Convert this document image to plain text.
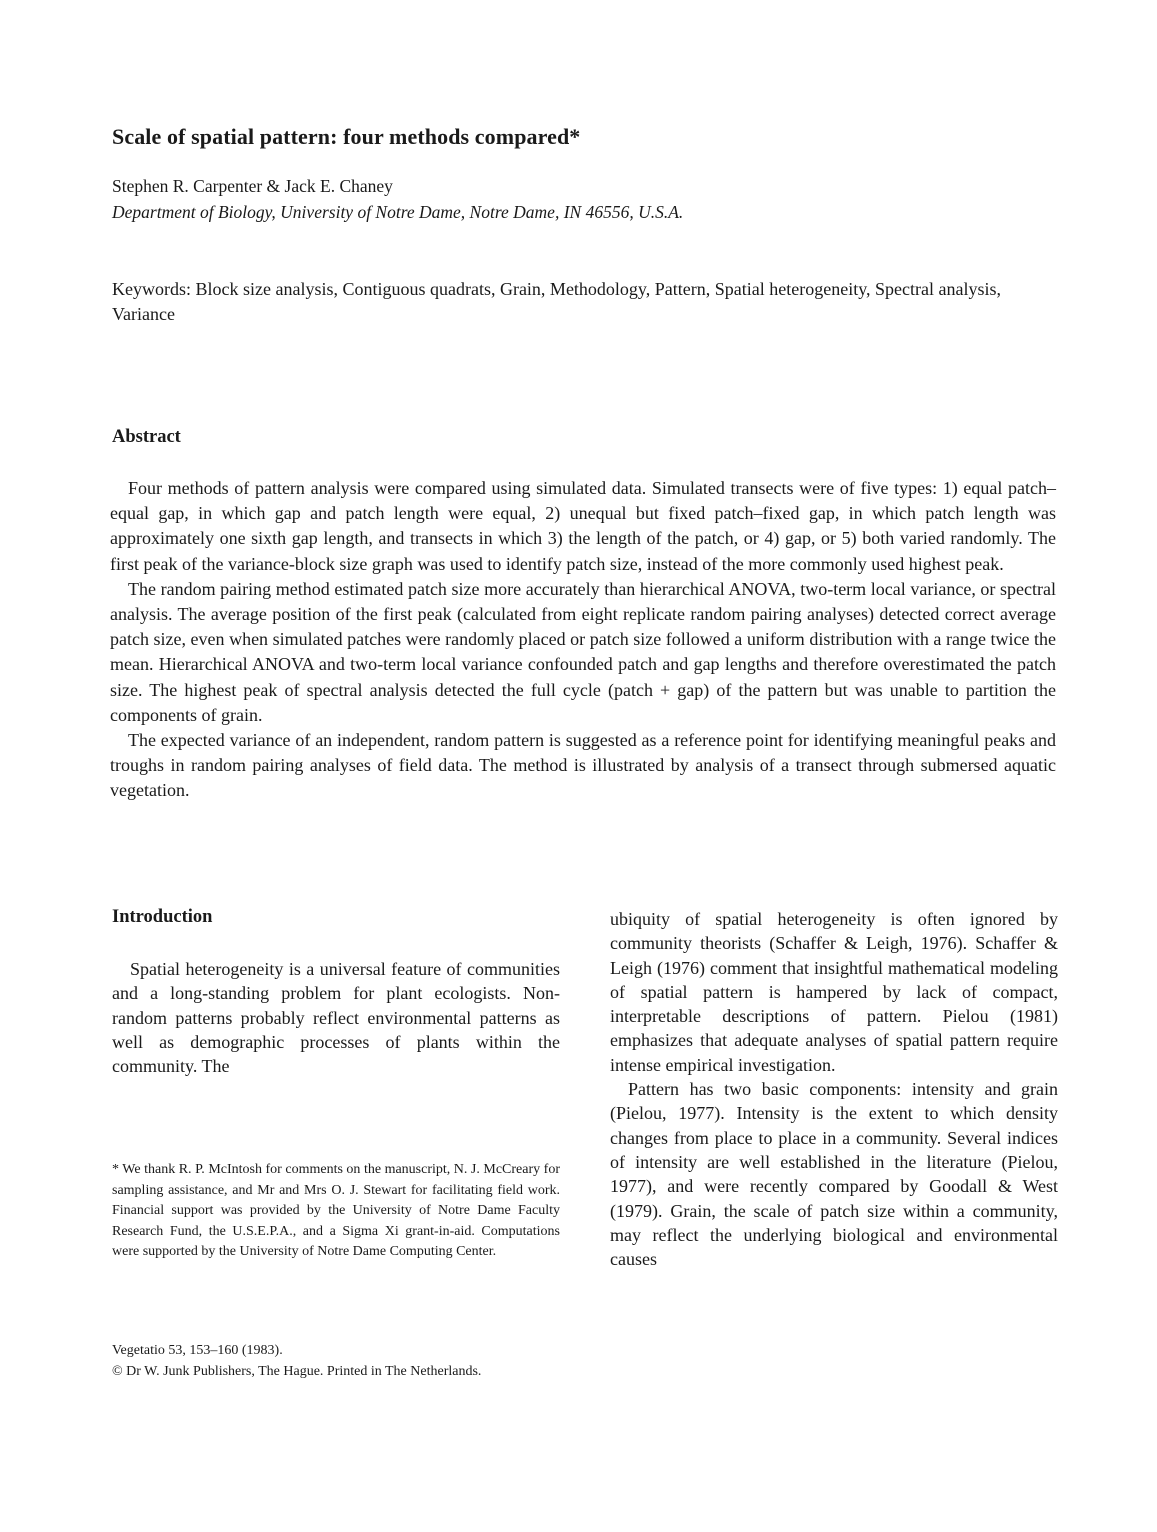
Scale of spatial pattern: four methods compared*
Stephen R. Carpenter & Jack E. Chaney
Department of Biology, University of Notre Dame, Notre Dame, IN 46556, U.S.A.
Keywords: Block size analysis, Contiguous quadrats, Grain, Methodology, Pattern, Spatial heterogeneity, Spectral analysis, Variance
Abstract

Four methods of pattern analysis were compared using simulated data. Simulated transects were of five types: 1) equal patch–equal gap, in which gap and patch length were equal, 2) unequal but fixed patch–fixed gap, in which patch length was approximately one sixth gap length, and transects in which 3) the length of the patch, or 4) gap, or 5) both varied randomly. The first peak of the variance-block size graph was used to identify patch size, instead of the more commonly used highest peak.

The random pairing method estimated patch size more accurately than hierarchical ANOVA, two-term local variance, or spectral analysis. The average position of the first peak (calculated from eight replicate random pairing analyses) detected correct average patch size, even when simulated patches were randomly placed or patch size followed a uniform distribution with a range twice the mean. Hierarchical ANOVA and two-term local variance confounded patch and gap lengths and therefore overestimated the patch size. The highest peak of spectral analysis detected the full cycle (patch + gap) of the pattern but was unable to partition the components of grain.

The expected variance of an independent, random pattern is suggested as a reference point for identifying meaningful peaks and troughs in random pairing analyses of field data. The method is illustrated by analysis of a transect through submersed aquatic vegetation.

Introduction

Spatial heterogeneity is a universal feature of communities and a long-standing problem for plant ecologists. Non-random patterns probably reflect environmental patterns as well as demographic processes of plants within the community. The

ubiquity of spatial heterogeneity is often ignored by community theorists (Schaffer & Leigh, 1976). Schaffer & Leigh (1976) comment that insightful mathematical modeling of spatial pattern is hampered by lack of compact, interpretable descriptions of pattern. Pielou (1981) emphasizes that adequate analyses of spatial pattern require intense empirical investigation.

Pattern has two basic components: intensity and grain (Pielou, 1977). Intensity is the extent to which density changes from place to place in a community. Several indices of intensity are well established in the literature (Pielou, 1977), and were recently compared by Goodall & West (1979). Grain, the scale of patch size within a community, may reflect the underlying biological and environmental causes

* We thank R. P. McIntosh for comments on the manuscript, N. J. McCreary for sampling assistance, and Mr and Mrs O. J. Stewart for facilitating field work. Financial support was provided by the University of Notre Dame Faculty Research Fund, the U.S.E.P.A., and a Sigma Xi grant-in-aid. Computations were supported by the University of Notre Dame Computing Center.
Vegetatio 53, 153–160 (1983).
© Dr W. Junk Publishers, The Hague. Printed in The Netherlands.
